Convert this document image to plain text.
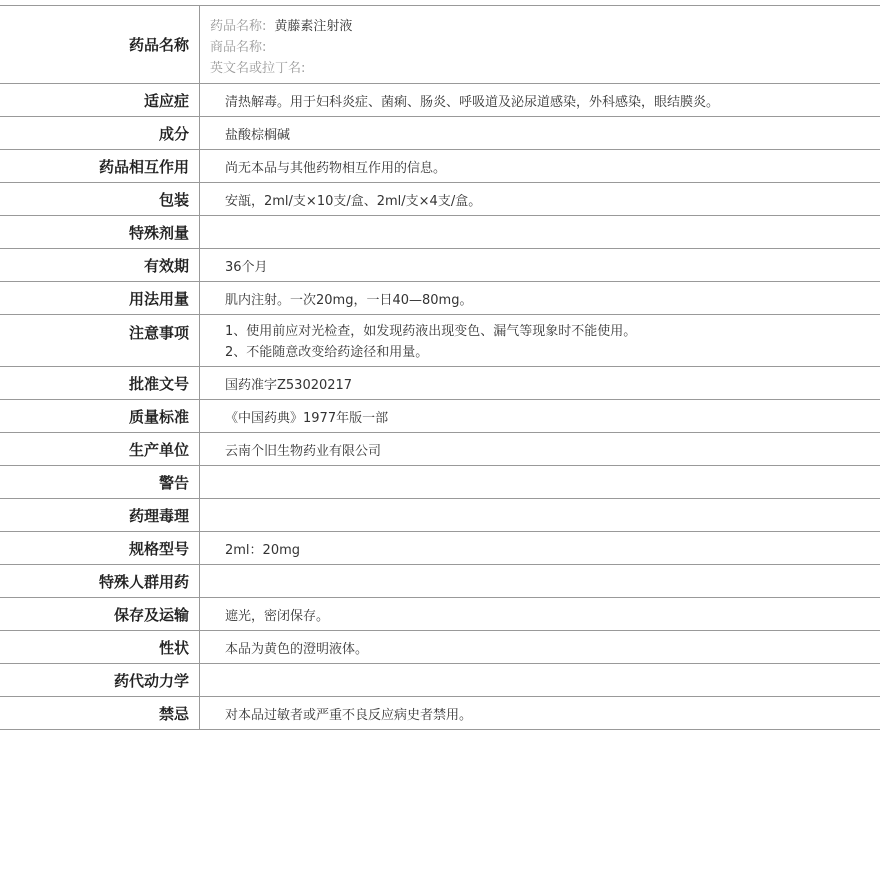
药品名称
药品名称: 黄藤素注射液
商品名称:
英文名或拉丁名:
适应症	清热解毒。用于妇科炎症、菌痢、肠炎、呼吸道及泌尿道感染，外科感染，眼结膜炎。
成分	盐酸棕榈碱
药品相互作用	尚无本品与其他药物相互作用的信息。
包装	安瓿，2ml/支×10支/盒、2ml/支×4支/盒。
特殊剂量
有效期	36个月
用法用量	肌内注射。一次20mg，一日40—80mg。
注意事项	1、使用前应对光检查，如发现药液出现变色、漏气等现象时不能使用。
2、不能随意改变给药途径和用量。
批准文号	国药准字Z53020217
质量标准	《中国药典》1977年版一部
生产单位	云南个旧生物药业有限公司
警告
药理毒理
规格型号	2ml：20mg
特殊人群用药
保存及运输	遮光，密闭保存。
性状	本品为黄色的澄明液体。
药代动力学
禁忌	对本品过敏者或严重不良反应病史者禁用。
